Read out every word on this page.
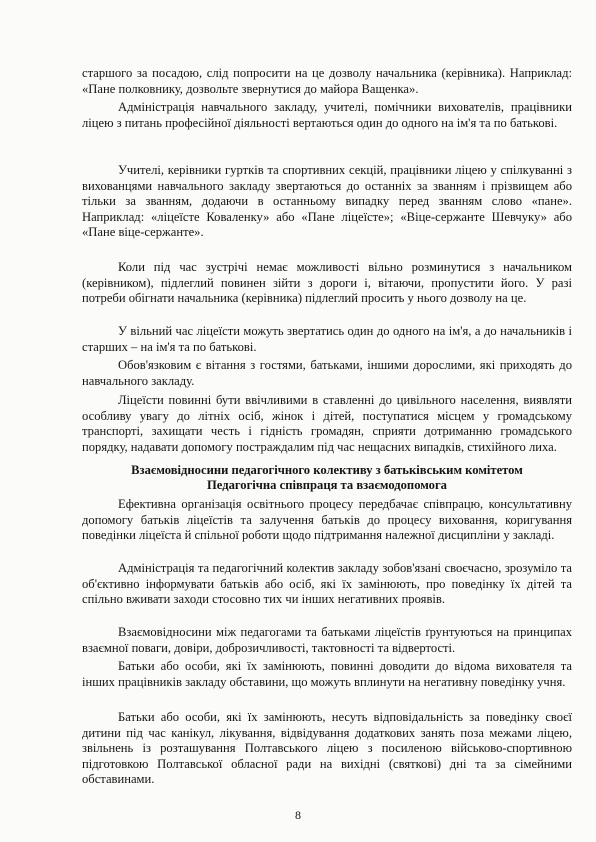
старшого за посадою, слід попросити на це дозволу начальника (керівника). Наприклад: «Пане полковнику, дозвольте звернутися до майора Ващенка».

Адміністрація навчального закладу, учителі, помічники вихователів, працівники ліцею з питань професійної діяльності вертаються один до одного на ім'я та по батькові.

Учителі, керівники гуртків та спортивних секцій, працівники ліцею у спілкуванні з вихованцями навчального закладу звертаються до останніх за званням і прізвищем або тільки за званням, додаючи в останньому випадку перед званням слово «пане». Наприклад: «ліцеїсте Коваленку» або «Пане ліцеїсте»; «Віце-сержанте Шевчуку» або «Пане віце-сержанте».

Коли під час зустрічі немає можливості вільно розминутися з начальником (керівником), підлеглий повинен зійти з дороги і, вітаючи, пропустити його. У разі потреби обігнати начальника (керівника) підлеглий просить у нього дозволу на це.

У вільний час ліцеїсти можуть звертатись один до одного на ім'я, а до начальників і старших – на ім'я та по батькові.

Обов'язковим є вітання з гостями, батьками, іншими дорослими, які приходять до навчального закладу.

Ліцеїсти повинні бути ввічливими в ставленні до цивільного населення, виявляти особливу увагу до літніх осіб, жінок і дітей, поступатися місцем у громадському транспорті, захищати честь і гідність громадян, сприяти дотриманню громадського порядку, надавати допомогу постраждалим під час нещасних випадків, стихійного лиха.

Взаємовідносини педагогічного колективу з батьківським комітетом

Педагогічна співпраця та взаємодопомога

Ефективна організація освітнього процесу передбачає співпрацю, консультативну допомогу батьків ліцеїстів та залучення батьків до процесу виховання, коригування поведінки ліцеїста й спільної роботи щодо підтримання належної дисципліни у закладі.

Адміністрація та педагогічний колектив закладу зобов'язані своєчасно, зрозуміло та об'єктивно інформувати батьків або осіб, які їх замінюють, про поведінку їх дітей та спільно вживати заходи стосовно тих чи інших негативних проявів.

Взаємовідносини між педагогами та батьками ліцеїстів ґрунтуються на принципах взаємної поваги, довіри, доброзичливості, тактовності та відвертості.

Батьки або особи, які їх замінюють, повинні доводити до відома вихователя та інших працівників закладу обставини, що можуть вплинути на негативну поведінку учня.

Батьки або особи, які їх замінюють, несуть відповідальність за поведінку своєї дитини під час канікул, лікування, відвідування додаткових занять поза межами ліцею, звільнень із розташування Полтавського ліцею з посиленою військово-спортивною підготовкою Полтавської обласної ради на вихідні (святкові) дні та за сімейними обставинами.

8
